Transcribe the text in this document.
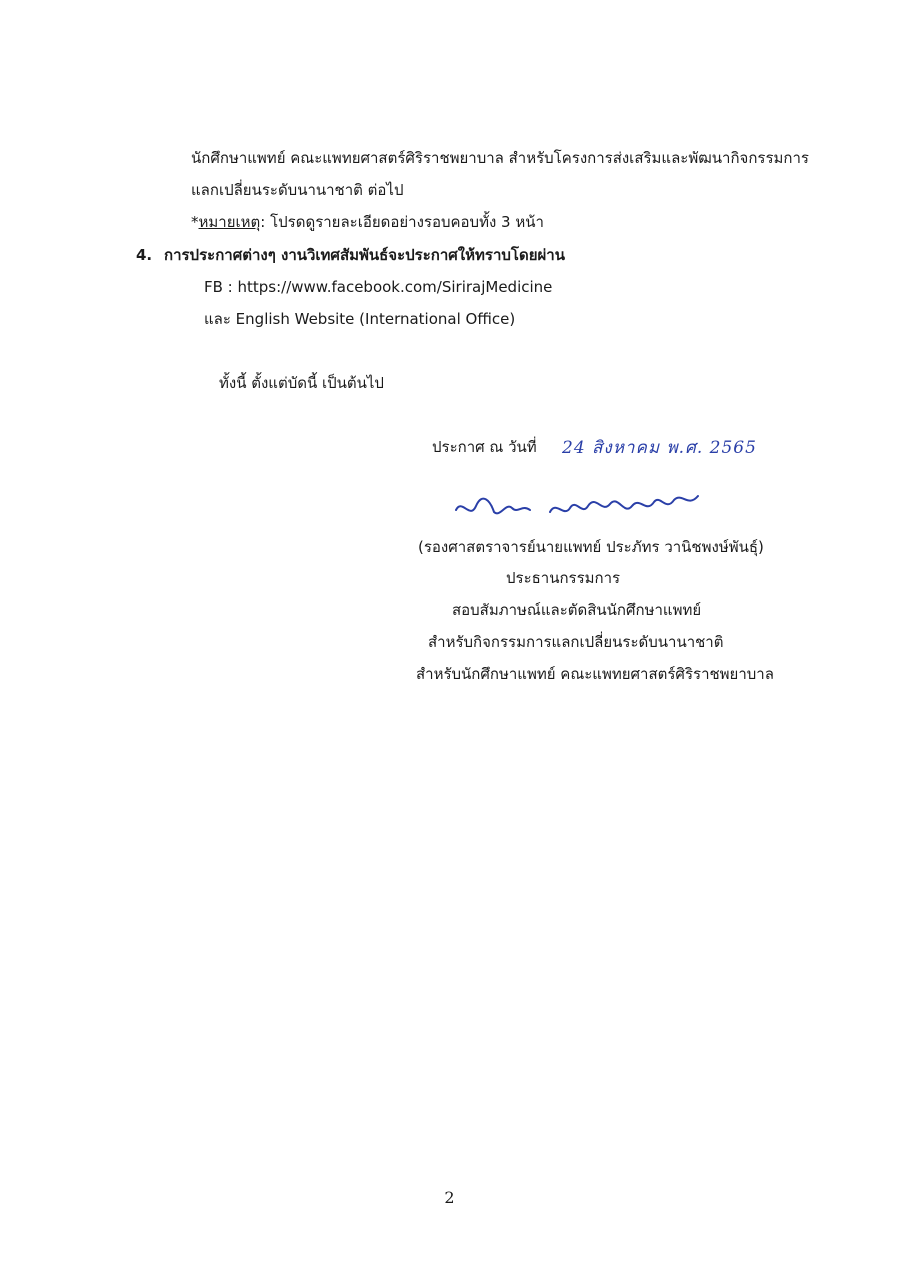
นักศึกษาแพทย์ คณะแพทยศาสตร์ศิริราชพยาบาล สำหรับโครงการส่งเสริมและพัฒนากิจกรรมการ
แลกเปลี่ยนระดับนานาชาติ ต่อไป
*หมายเหตุ: โปรดดูรายละเอียดอย่างรอบคอบทั้ง 3 หน้า
4. การประกาศต่างๆ งานวิเทศสัมพันธ์จะประกาศให้ทราบโดยผ่าน
FB : https://www.facebook.com/SirirajMedicine
และ English Website (International Office)
ทั้งนี้ ตั้งแต่บัดนี้ เป็นต้นไป
ประกาศ ณ วันที่ 24 สิงหาคม พ.ศ. 2565
(รองศาสตราจารย์นายแพทย์ ประภัทร วานิชพงษ์พันธุ์)
ประธานกรรมการ
สอบสัมภาษณ์และตัดสินนักศึกษาแพทย์
สำหรับกิจกรรมการแลกเปลี่ยนระดับนานาชาติ
สำหรับนักศึกษาแพทย์ คณะแพทยศาสตร์ศิริราชพยาบาล
2
